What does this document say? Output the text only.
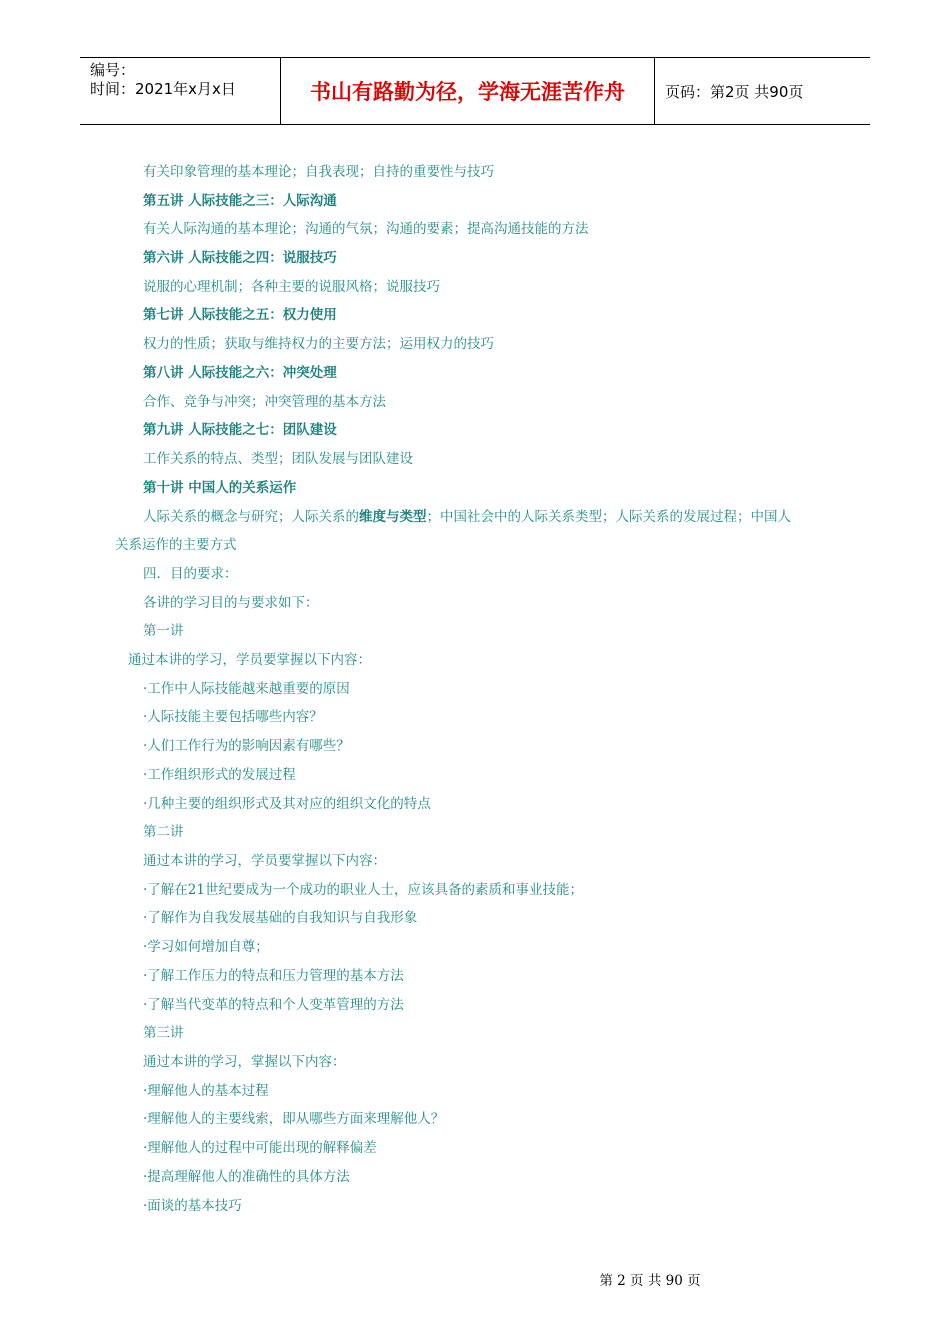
编号：
时间：2021年x月x日	书山有路勤为径，学海无涯苦作舟	页码：第2页 共90页
有关印象管理的基本理论；自我表现；自持的重要性与技巧
第五讲 人际技能之三：人际沟通
有关人际沟通的基本理论；沟通的气氛；沟通的要素；提高沟通技能的方法
第六讲 人际技能之四：说服技巧
说服的心理机制；各种主要的说服风格；说服技巧
第七讲 人际技能之五：权力使用
权力的性质；获取与维持权力的主要方法；运用权力的技巧
第八讲 人际技能之六：冲突处理
合作、竞争与冲突；冲突管理的基本方法
第九讲 人际技能之七：团队建设
工作关系的特点、类型；团队发展与团队建设
第十讲 中国人的关系运作
人际关系的概念与研究；人际关系的维度与类型；中国社会中的人际关系类型；人际关系的发展过程；中国人
关系运作的主要方式
四．目的要求：
各讲的学习目的与要求如下：
第一讲
通过本讲的学习，学员要掌握以下内容：
·工作中人际技能越来越重要的原因
·人际技能主要包括哪些内容？
·人们工作行为的影响因素有哪些？
·工作组织形式的发展过程
·几种主要的组织形式及其对应的组织文化的特点
第二讲
通过本讲的学习，学员要掌握以下内容：
·了解在21世纪要成为一个成功的职业人士，应该具备的素质和事业技能；
·了解作为自我发展基础的自我知识与自我形象
·学习如何增加自尊；
·了解工作压力的特点和压力管理的基本方法
·了解当代变革的特点和个人变革管理的方法
第三讲
通过本讲的学习，掌握以下内容：
·理解他人的基本过程
·理解他人的主要线索，即从哪些方面来理解他人？
·理解他人的过程中可能出现的解释偏差
·提高理解他人的准确性的具体方法
·面谈的基本技巧
第 2 页 共 90 页
